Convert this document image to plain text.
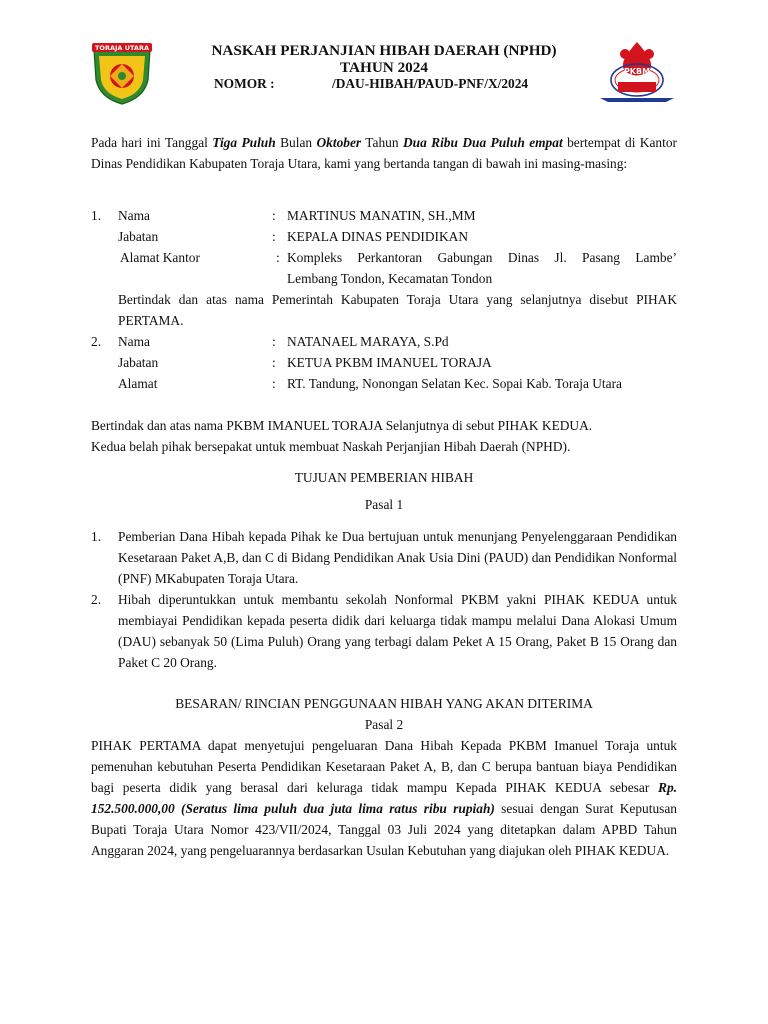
TORAJA UTARA	NASKAH PERJANJIAN HIBAH DAERAH (NPHD)
TAHUN 2024
NOMOR :	/DAU-HIBAH/PAUD-PNF/X/2024
PKBM
Pada hari ini Tanggal Tiga Puluh Bulan Oktober Tahun Dua Ribu Dua Puluh empat bertempat di Kantor Dinas Pendidikan Kabupaten Toraja Utara, kami yang bertanda tangan di bawah ini masing-masing:
1. Nama	: MARTINUS MANATIN, SH.,MM
Jabatan	: KEPALA DINAS PENDIDIKAN
Alamat Kantor	: Kompleks Perkantoran Gabungan Dinas Jl. Pasang Lambe’
Lembang Tondon, Kecamatan Tondon
Bertindak dan atas nama Pemerintah Kabupaten Toraja Utara yang selanjutnya disebut PIHAK PERTAMA.
2. Nama	: NATANAEL MARAYA, S.Pd
Jabatan	: KETUA PKBM IMANUEL TORAJA
Alamat	: RT. Tandung, Nonongan Selatan Kec. Sopai Kab. Toraja Utara
Bertindak dan atas nama PKBM IMANUEL TORAJA Selanjutnya di sebut PIHAK KEDUA.
Kedua belah pihak bersepakat untuk membuat Naskah Perjanjian Hibah Daerah (NPHD).
TUJUAN PEMBERIAN HIBAH
Pasal 1
1. Pemberian Dana Hibah kepada Pihak ke Dua bertujuan untuk menunjang Penyelenggaraan Pendidikan Kesetaraan Paket A,B, dan C di Bidang Pendidikan Anak Usia Dini (PAUD) dan Pendidikan Nonformal (PNF) MKabupaten Toraja Utara.
2. Hibah diperuntukkan untuk membantu sekolah Nonformal PKBM yakni PIHAK KEDUA untuk membiayai Pendidikan kepada peserta didik dari keluarga tidak mampu melalui Dana Alokasi Umum (DAU) sebanyak 50 (Lima Puluh) Orang yang terbagi dalam Peket A 15 Orang, Paket B 15 Orang dan Paket C 20 Orang.
BESARAN/ RINCIAN PENGGUNAAN HIBAH YANG AKAN DITERIMA
Pasal 2
PIHAK PERTAMA dapat menyetujui pengeluaran Dana Hibah Kepada PKBM Imanuel Toraja untuk pemenuhan kebutuhan Peserta Pendidikan Kesetaraan Paket A, B, dan C berupa bantuan biaya Pendidikan bagi peserta didik yang berasal dari keluraga tidak mampu Kepada PIHAK KEDUA sebesar Rp. 152.500.000,00 (Seratus lima puluh dua juta lima ratus ribu rupiah) sesuai dengan Surat Keputusan Bupati Toraja Utara Nomor 423/VII/2024, Tanggal 03 Juli 2024 yang ditetapkan dalam APBD Tahun Anggaran 2024, yang pengeluarannya berdasarkan Usulan Kebutuhan yang diajukan oleh PIHAK KEDUA.
